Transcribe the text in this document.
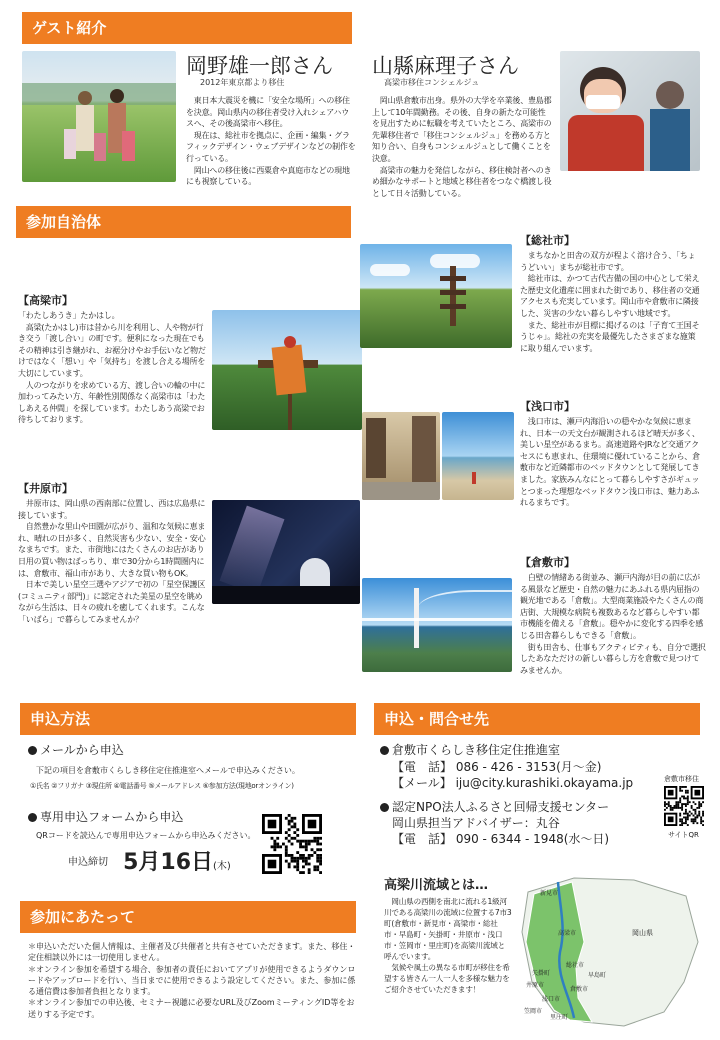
ゲスト紹介
岡野雄一郎さん
2012年東京都より移住
　東日本大震災を機に「安全な場所」への移住を決意。岡山県内の移住者受け入れシェアハウスへ、その後高梁市へ移住。
　現在は、総社市を拠点に、企画・編集・グラフィックデザイン・ウェブデザインなどの制作を行っている。
　岡山への移住後に西粟倉や真庭市などの現地にも視察している。
山縣麻理子さん
高梁市移住コンシェルジュ
　岡山県倉敷市出身。県外の大学を卒業後、豊島郡上して10年間勤務。その後、自身の新たな可能性を見出すために転職を考えていたところ、高梁市の先輩移住者で「移住コンシェルジュ」を務める方と知り合い、自身もコンシェルジュとして働くことを決意。
　高梁市の魅力を発信しながら、移住検討者へのきめ細かなサポートと地域と移住者をつなぐ橋渡し役として日々活動している。
参加自治体
【高梁市】
「わたしあうき」たかはし。
　高梁(たかはし)市は昔から川を利用し、人や物が行き交う「渡し合い」の町です。便利になった現在でもその精神は引き継がれ、お裾分けやお手伝いなど物だけではなく「想い」や「気持ち」を渡し合える場所を大切にしています。
　人のつながりを求めている方、渡し合いの輪の中に加わってみたい方、年齢性別関係なく高梁市は「わたしあえる仲間」を探しています。わたしあう高梁でお待ちしております。
【総社市】
　まちなかと田舎の双方が程よく溶け合う、「ちょうどいい」まちが総社市です。
　総社市は、かつて古代吉備の国の中心として栄えた歴史文化遺産に囲まれた街であり、移住者の交通アクセスも充実しています。岡山市や倉敷市に隣接した、災害の少ない暮らしやすい地域です。
　また、総社市が目標に掲げるのは「子育て王国そうじゃ」。総社の充実を最優先したさまざまな施策に取り組んでいます。
【浅口市】
　浅口市は、瀬戸内海沿いの穏やかな気候に恵まれ、日本一の天文台が観測されるほど晴天が多く、美しい星空があるまち。高速道路やJRなど交通アクセスにも恵まれ、住環境に優れていることから、倉敷市など近隣都市のベッドタウンとして発展してきました。家族みんなにとって暮らしやすさがギュッとつまった理想なベッドタウン浅口市は、魅力あふれるまちです。
【井原市】
　井原市は、岡山県の西南部に位置し、西は広島県に接しています。
　自然豊かな里山や田園が広がり、温和な気候に恵まれ、晴れの日が多く、自然災害も少ない、安全・安心なまちです。また、市街地にはたくさんのお店があり日用の買い物はばっちり、車で30分から1時間圏内には、倉敷市、福山市があり、大きな買い物もOK。
　日本で美しい星空三選やアジアで初の「星空保護区(コミュニティ部門)」に認定された美星の星空を眺めながら生活は、日々の疲れを癒してくれます。こんな「いばら」で暮らしてみませんか？
【倉敷市】
　白壁の情緒ある街並み、瀬戸内海が目の前に広がる風景など歴史・自然の魅力にあふれる県内屈指の観光地である「倉敷」。大型商業施設やたくさんの商店街、大規模な病院も複数あるなど暮らしやすい都市機能を備える「倉敷」。穏やかに変化する四季を感じる田舎暮らしもできる「倉敷」。
　街も田舎も、仕事もアクティビティも、自分で選択したあなただけの新しい暮らし方を倉敷で見つけてみませんか。
申込方法
メールから申込
下記の項目を倉敷市くらしき移住定住推進室へメールで申込みください。
①氏名 ②フリガナ ③現住所 ④電話番号 ⑤メールアドレス ⑥参加方法(現地orオンライン)
専用申込フォームから申込
QRコードを読込んで専用申込フォームから申込みください。
$^{申込締切}$ 5月16日(木)
申込・問合せ先
倉敷市くらしき移住定住推進室
【電　話】 086 - 426 - 3153(月～金)
【メール】 iju@city.kurashiki.okayama.jp	倉敷市移住
サイトQR
認定NPO法人ふるさと回帰支援センター
岡山県担当アドバイザー：丸谷
【電　話】 090 - 6344 - 1948(水～日)
参加にあたって
＊申込いただいた個人情報は、主催者及び共催者と共有させていただきます。また、移住・定住相談以外には一切使用しません。
＊オンライン参加を希望する場合、参加者の責任においてアプリが使用できるようダウンロードやアップロードを行い、当日までに使用できるよう設定してください。また、参加に係る通信費は参加者負担となります。
＊オンライン参加での申込後、セミナー視聴に必要なURL及びZoomミーティングID等をお送りする予定です。
高梁川流域とは…
　岡山県の西側を南北に流れる1級河川である高梁川の流域に位置する7市3町(倉敷市・新見市・高梁市・総社市・早島町・矢掛町・井原市・浅口市・笠岡市・里庄町)を高梁川流域と呼んでいます。
　気候や風土の異なる市町が移住を希望する皆さん一人一人を多様な魅力をご紹介させていただきます！
新見市
岡山県
高梁市
総社市
早島町
矢掛町
井原市
倉敷市
浅口市
笠岡市
里庄町
